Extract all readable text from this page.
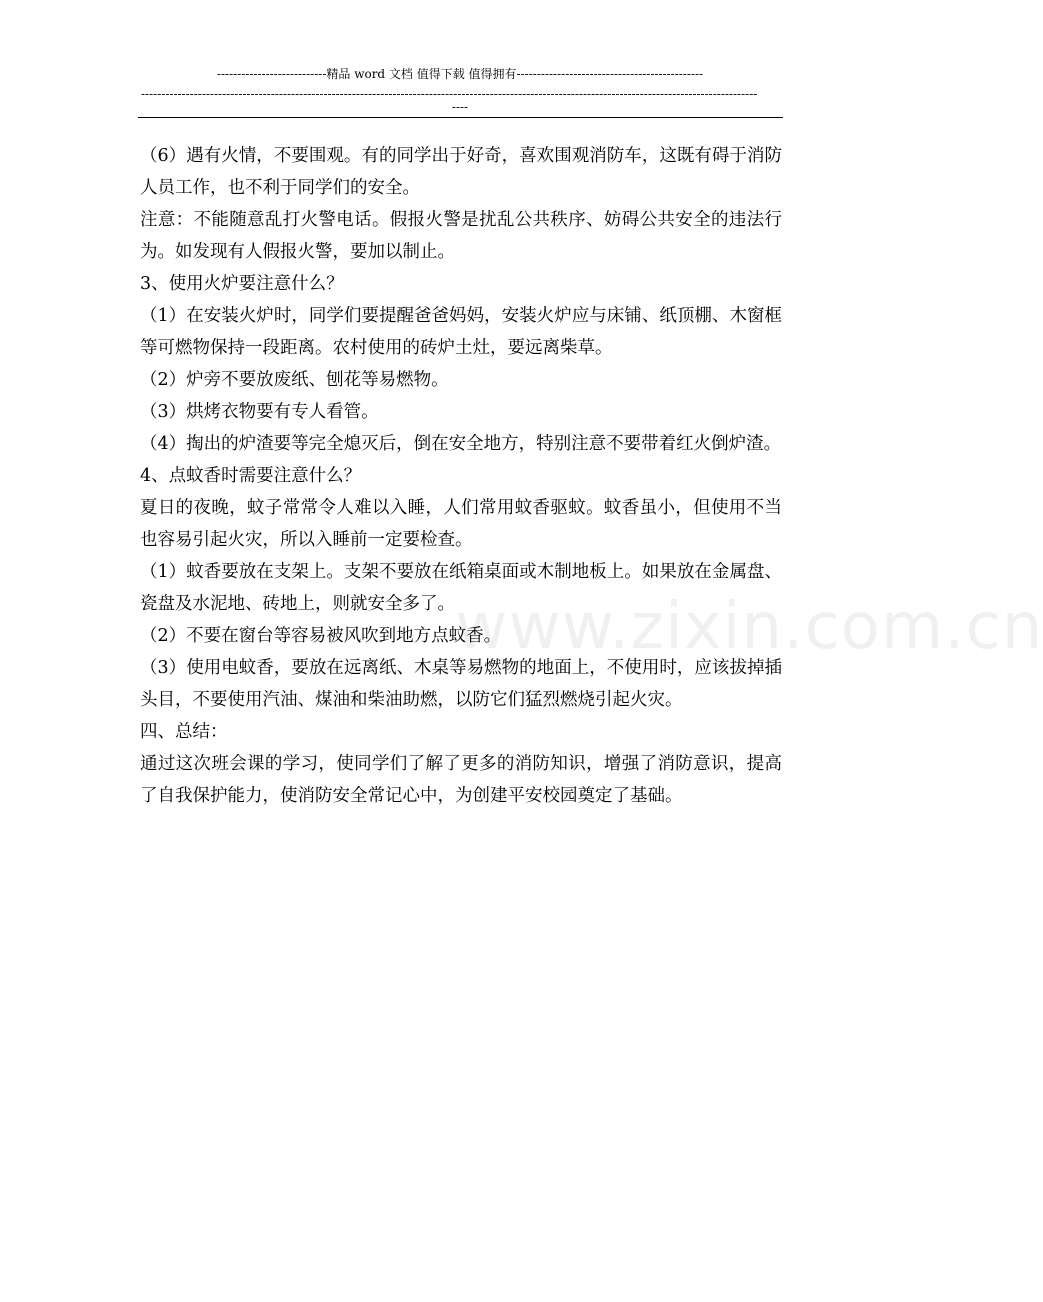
---------------------------精品 word 文档 值得下载 值得拥有----------------------------------------------
--------------------------------------------------------------------------------------------------------------------------------------------------------
----
www.zixin.com.cn

（6）遇有火情，不要围观。有的同学出于好奇，喜欢围观消防车，这既有碍于消防人员工作，也不利于同学们的安全。

注意：不能随意乱打火警电话。假报火警是扰乱公共秩序、妨碍公共安全的违法行为。如发现有人假报火警，要加以制止。

3、使用火炉要注意什么？

（1）在安装火炉时，同学们要提醒爸爸妈妈，安装火炉应与床铺、纸顶棚、木窗框等可燃物保持一段距离。农村使用的砖炉土灶，要远离柴草。

（2）炉旁不要放废纸、刨花等易燃物。

（3）烘烤衣物要有专人看管。

（4）掏出的炉渣要等完全熄灭后，倒在安全地方，特别注意不要带着红火倒炉渣。

4、点蚊香时需要注意什么？

夏日的夜晚，蚊子常常令人难以入睡，人们常用蚊香驱蚊。蚊香虽小，但使用不当也容易引起火灾，所以入睡前一定要检查。

（1）蚊香要放在支架上。支架不要放在纸箱桌面或木制地板上。如果放在金属盘、瓷盘及水泥地、砖地上，则就安全多了。

（2）不要在窗台等容易被风吹到地方点蚊香。

（3）使用电蚊香，要放在远离纸、木桌等易燃物的地面上，不使用时，应该拔掉插头目，不要使用汽油、煤油和柴油助燃，以防它们猛烈燃烧引起火灾。

四、总结：

通过这次班会课的学习，使同学们了解了更多的消防知识，增强了消防意识，提高了自我保护能力，使消防安全常记心中，为创建平安校园奠定了基础。
